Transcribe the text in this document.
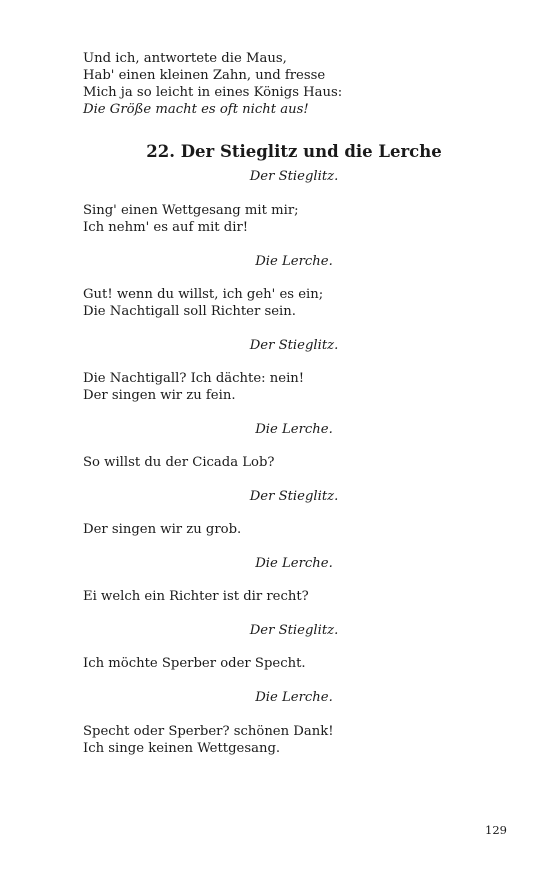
Und ich, antwortete die Maus,
Hab' einen kleinen Zahn, und fresse
Mich ja so leicht in eines Königs Haus:
Die Größe macht es oft nicht aus!
22. Der Stieglitz und die Lerche
Der Stieglitz.
Sing' einen Wettgesang mit mir;
Ich nehm' es auf mit dir!
Die Lerche.
Gut! wenn du willst, ich geh' es ein;
Die Nachtigall soll Richter sein.
Der Stieglitz.
Die Nachtigall? Ich dächte: nein!
Der singen wir zu fein.
Die Lerche.
So willst du der Cicada Lob?
Der Stieglitz.
Der singen wir zu grob.
Die Lerche.
Ei welch ein Richter ist dir recht?
Der Stieglitz.
Ich möchte Sperber oder Specht.
Die Lerche.
Specht oder Sperber? schönen Dank!
Ich singe keinen Wettgesang.
129
